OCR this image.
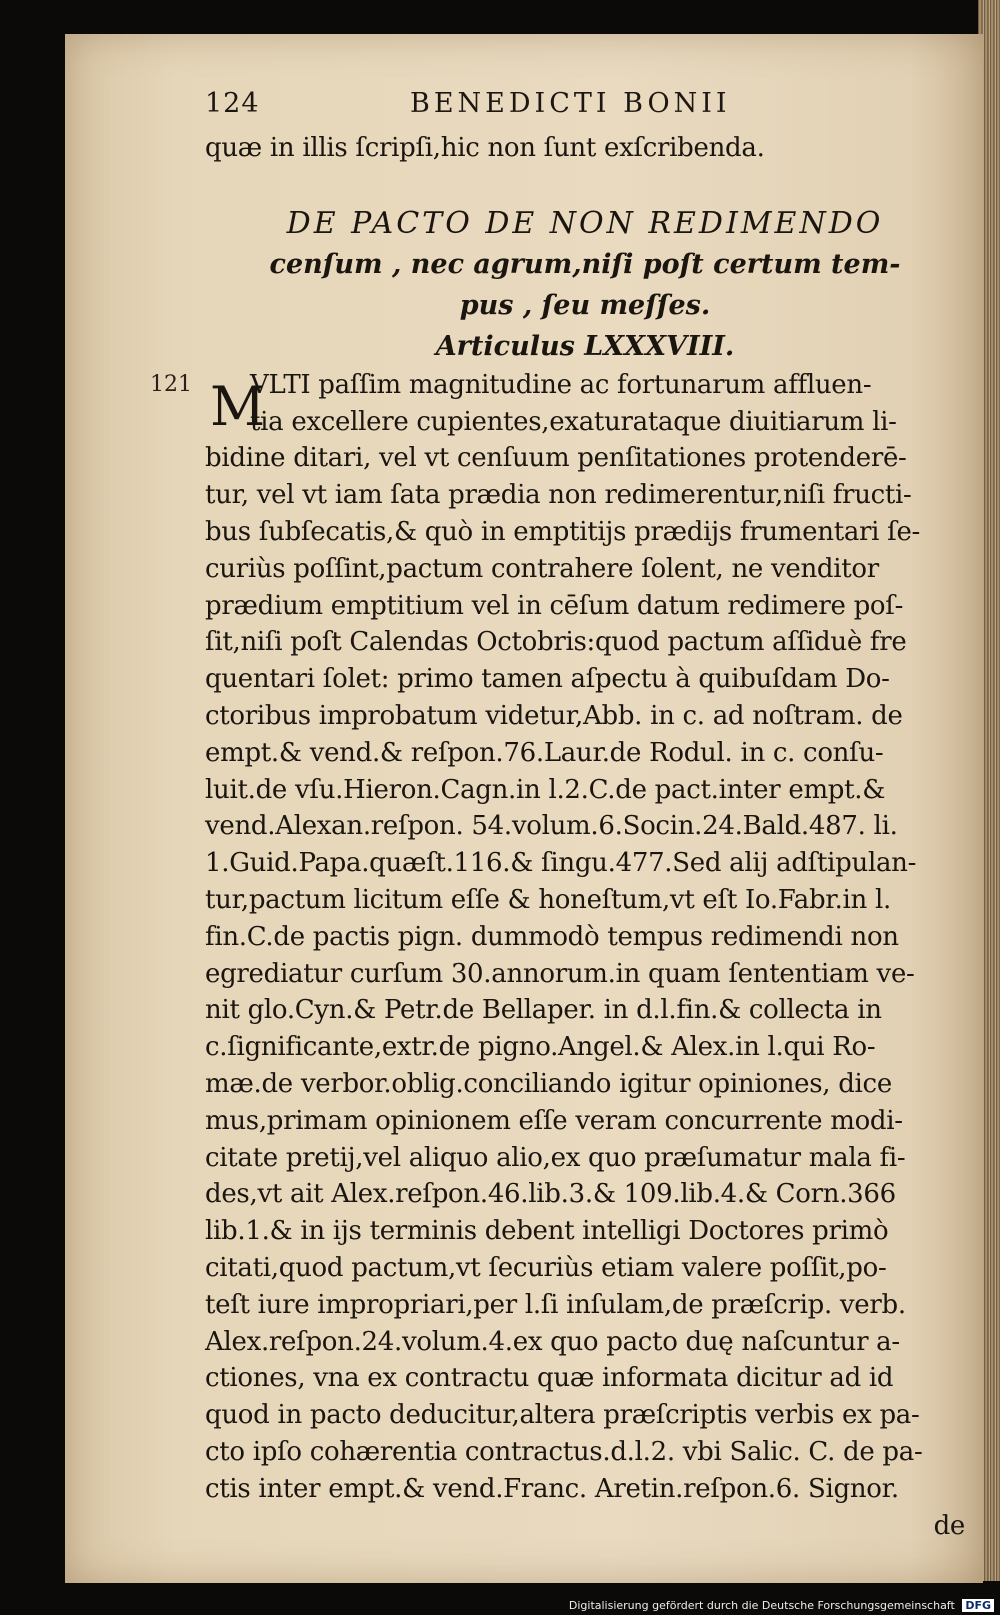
124	BENEDICTI BONII
121 M
quæ in illis ſcripſi,hic non ſunt exſcribenda.
DE PACTO DE NON REDIMENDO
cenſum , nec agrum,niſi poſt certum tem-
pus , ſeu meſſes.
Articulus LXXXVIII.
VLTI paſſim magnitudine ac fortunarum affluen-
tia excellere cupientes,exaturataque diuitiarum li-
bidine ditari, vel vt cenſuum penſitationes protenderē-
tur, vel vt iam ſata prædia non redimerentur,niſi fructi-
bus ſubſecatis,& quò in emptitijs prædijs frumentari ſe-
curiùs poſſint,pactum contrahere ſolent, ne venditor
prædium emptitium vel in cēſum datum redimere poſ-
ſit,niſi poſt Calendas Octobris:quod pactum aſſiduè fre
quentari ſolet: primo tamen aſpectu à quibuſdam Do-
ctoribus improbatum videtur,Abb. in c. ad noſtram. de
empt.& vend.& reſpon.76.Laur.de Rodul. in c. conſu-
luit.de vſu.Hieron.Cagn.in l.2.C.de pact.inter empt.&
vend.Alexan.reſpon. 54.volum.6.Socin.24.Bald.487. li.
1.Guid.Papa.quæſt.116.& ſingu.477.Sed alij adſtipulan-
tur,pactum licitum eſſe & honeſtum,vt eſt Io.Fabr.in l.
fin.C.de pactis pign. dummodò tempus redimendi non
egrediatur curſum 30.annorum.in quam ſententiam ve-
nit glo.Cyn.& Petr.de Bellaper. in d.l.fin.& collecta in
c.ſignificante,extr.de pigno.Angel.& Alex.in l.qui Ro-
mæ.de verbor.oblig.conciliando igitur opiniones, dice
mus,primam opinionem eſſe veram concurrente modi-
citate pretij,vel aliquo alio,ex quo præſumatur mala fi-
des,vt ait Alex.reſpon.46.lib.3.& 109.lib.4.& Corn.366
lib.1.& in ijs terminis debent intelligi Doctores primò
citati,quod pactum,vt ſecuriùs etiam valere poſſit,po-
teſt iure impropriari,per l.ſi inſulam,de præſcrip. verb.
Alex.reſpon.24.volum.4.ex quo pacto duę naſcuntur a-
ctiones, vna ex contractu quæ informata dicitur ad id
quod in pacto deducitur,altera præſcriptis verbis ex pa-
cto ipſo cohærentia contractus.d.l.2. vbi Salic. C. de pa-
ctis inter empt.& vend.Franc. Aretin.reſpon.6. Signor.
de
Digitalisierung gefördert durch die Deutsche Forschungsgemeinschaft DFG
